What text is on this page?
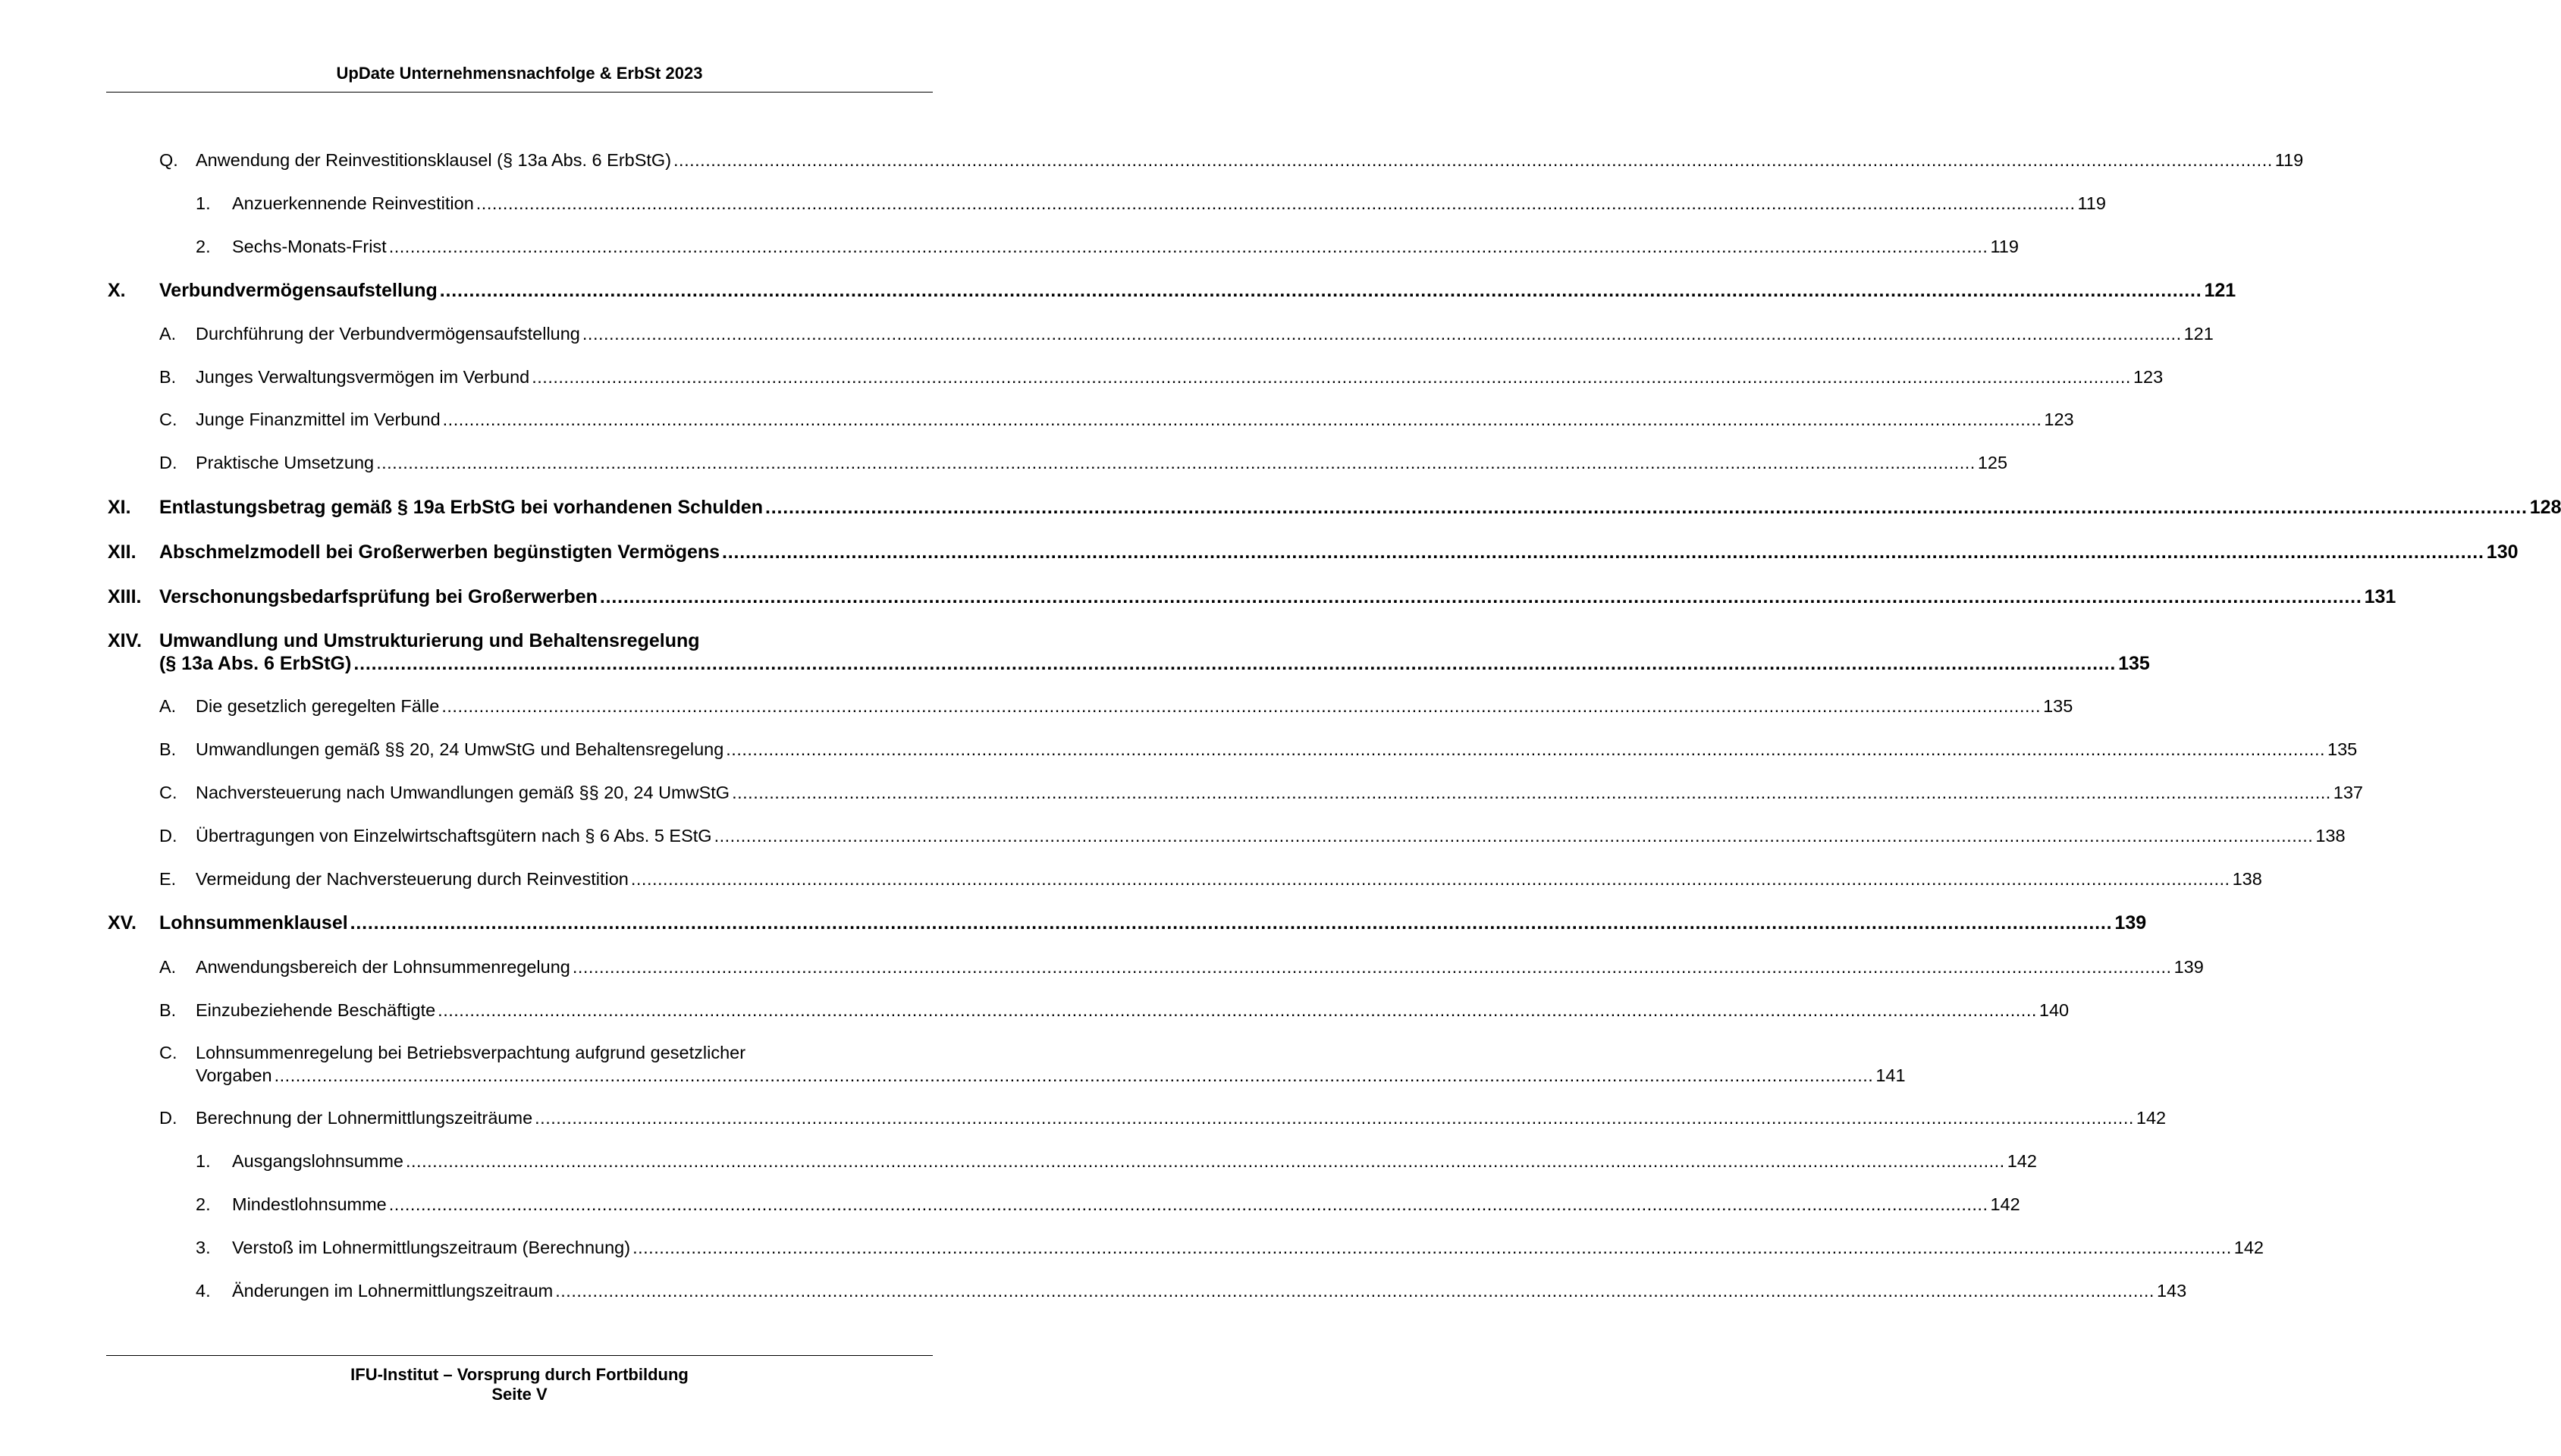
UpDate Unternehmensnachfolge & ErbSt 2023
Q. Anwendung der Reinvestitionsklausel (§ 13a Abs. 6 ErbStG) ............................................................................................................................................................................................................................................................................................................ 119
1. Anzuerkennende Reinvestition ............................................................................................................................................................................................................................................................................................................ 119
2. Sechs-Monats-Frist ............................................................................................................................................................................................................................................................................................................ 119
X. Verbundvermögensaufstellung ............................................................................................................................................................................................................................................................................................................ 121
A. Durchführung der Verbundvermögensaufstellung ............................................................................................................................................................................................................................................................................................................ 121
B. Junges Verwaltungsvermögen im Verbund ............................................................................................................................................................................................................................................................................................................ 123
C. Junge Finanzmittel im Verbund ............................................................................................................................................................................................................................................................................................................ 123
D. Praktische Umsetzung ............................................................................................................................................................................................................................................................................................................ 125
XI. Entlastungsbetrag gemäß § 19a ErbStG bei vorhandenen Schulden ............................................................................................................................................................................................................................................................................................................ 128
XII. Abschmelzmodell bei Großerwerben begünstigten Vermögens ............................................................................................................................................................................................................................................................................................................ 130
XIII. Verschonungsbedarfsprüfung bei Großerwerben ............................................................................................................................................................................................................................................................................................................ 131
XIV. Umwandlung und Umstrukturierung und Behaltensregelung
(§ 13a Abs. 6 ErbStG) ............................................................................................................................................................................................................................................................................................................ 135
A. Die gesetzlich geregelten Fälle ............................................................................................................................................................................................................................................................................................................ 135
B. Umwandlungen gemäß §§ 20, 24 UmwStG und Behaltensregelung ............................................................................................................................................................................................................................................................................................................ 135
C. Nachversteuerung nach Umwandlungen gemäß §§ 20, 24 UmwStG ............................................................................................................................................................................................................................................................................................................ 137
D. Übertragungen von Einzelwirtschaftsgütern nach § 6 Abs. 5 EStG ............................................................................................................................................................................................................................................................................................................ 138
E. Vermeidung der Nachversteuerung durch Reinvestition ............................................................................................................................................................................................................................................................................................................ 138
XV. Lohnsummenklausel ............................................................................................................................................................................................................................................................................................................ 139
A. Anwendungsbereich der Lohnsummenregelung ............................................................................................................................................................................................................................................................................................................ 139
B. Einzubeziehende Beschäftigte ............................................................................................................................................................................................................................................................................................................ 140
C. Lohnsummenregelung bei Betriebsverpachtung aufgrund gesetzlicher
Vorgaben ............................................................................................................................................................................................................................................................................................................ 141
D. Berechnung der Lohnermittlungszeiträume ............................................................................................................................................................................................................................................................................................................ 142
1. Ausgangslohnsumme ............................................................................................................................................................................................................................................................................................................ 142
2. Mindestlohnsumme ............................................................................................................................................................................................................................................................................................................ 142
3. Verstoß im Lohnermittlungszeitraum (Berechnung) ............................................................................................................................................................................................................................................................................................................ 142
4. Änderungen im Lohnermittlungszeitraum ............................................................................................................................................................................................................................................................................................................ 143
IFU-Institut – Vorsprung durch Fortbildung
Seite V
